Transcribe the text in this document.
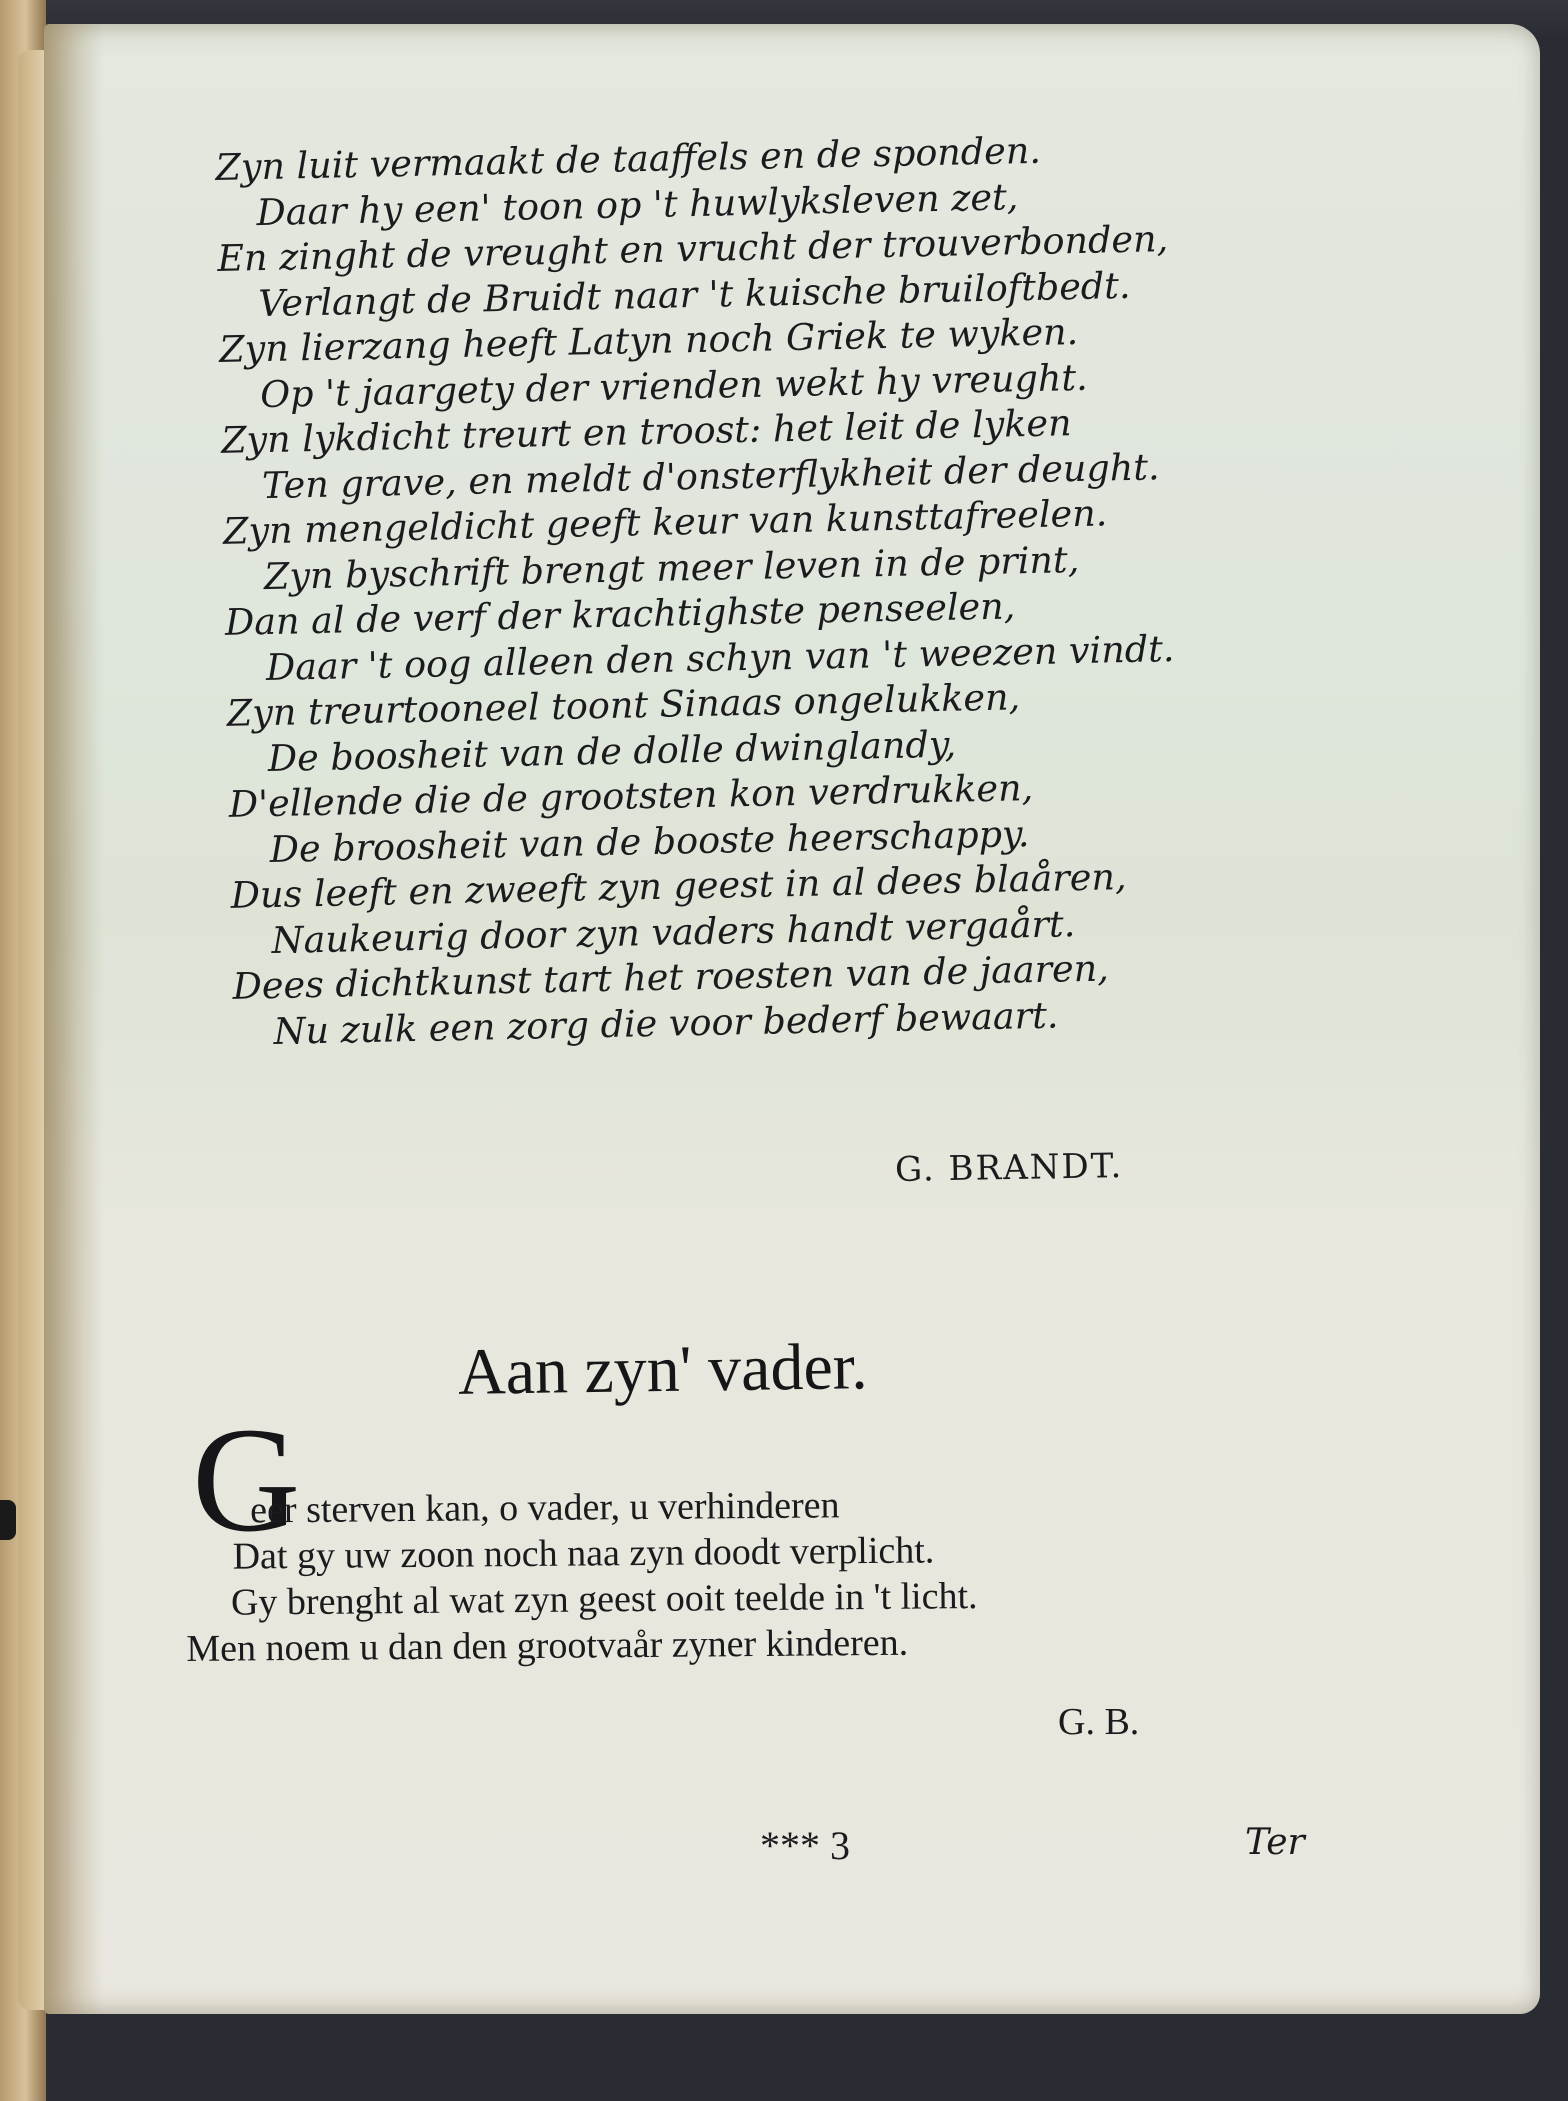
Zyn luit vermaakt de taaffels en de sponden.
Daar hy een' toon op 't huwlyksleven zet,
En zinght de vreught en vrucht der trouverbonden,
Verlangt de Bruidt naar 't kuische bruiloftbedt.
Zyn lierzang heeft Latyn noch Griek te wyken.
Op 't jaargety der vrienden wekt hy vreught.
Zyn lykdicht treurt en troost: het leit de lyken
Ten grave, en meldt d'onsterflykheit der deught.
Zyn mengeldicht geeft keur van kunsttafreelen.
Zyn byschrift brengt meer leven in de print,
Dan al de verf der krachtighste penseelen,
Daar 't oog alleen den schyn van 't weezen vindt.
Zyn treurtooneel toont Sinaas ongelukken,
De boosheit van de dolle dwinglandy,
D'ellende die de grootsten kon verdrukken,
De broosheit van de booste heerschappy.
Dus leeft en zweeft zyn geest in al dees blaåren,
Naukeurig door zyn vaders handt vergaårt.
Dees dichtkunst tart het roesten van de jaaren,
Nu zulk een zorg die voor bederf bewaart.
G. BRANDT.
Aan zyn' vader.
G
eer sterven kan, o vader, u verhinderen
Dat gy uw zoon noch naa zyn doodt verplicht.
Gy brenght al wat zyn geest ooit teelde in 't licht.
Men noem u dan den grootvaår zyner kinderen.
G. B.
*** 3	Ter
